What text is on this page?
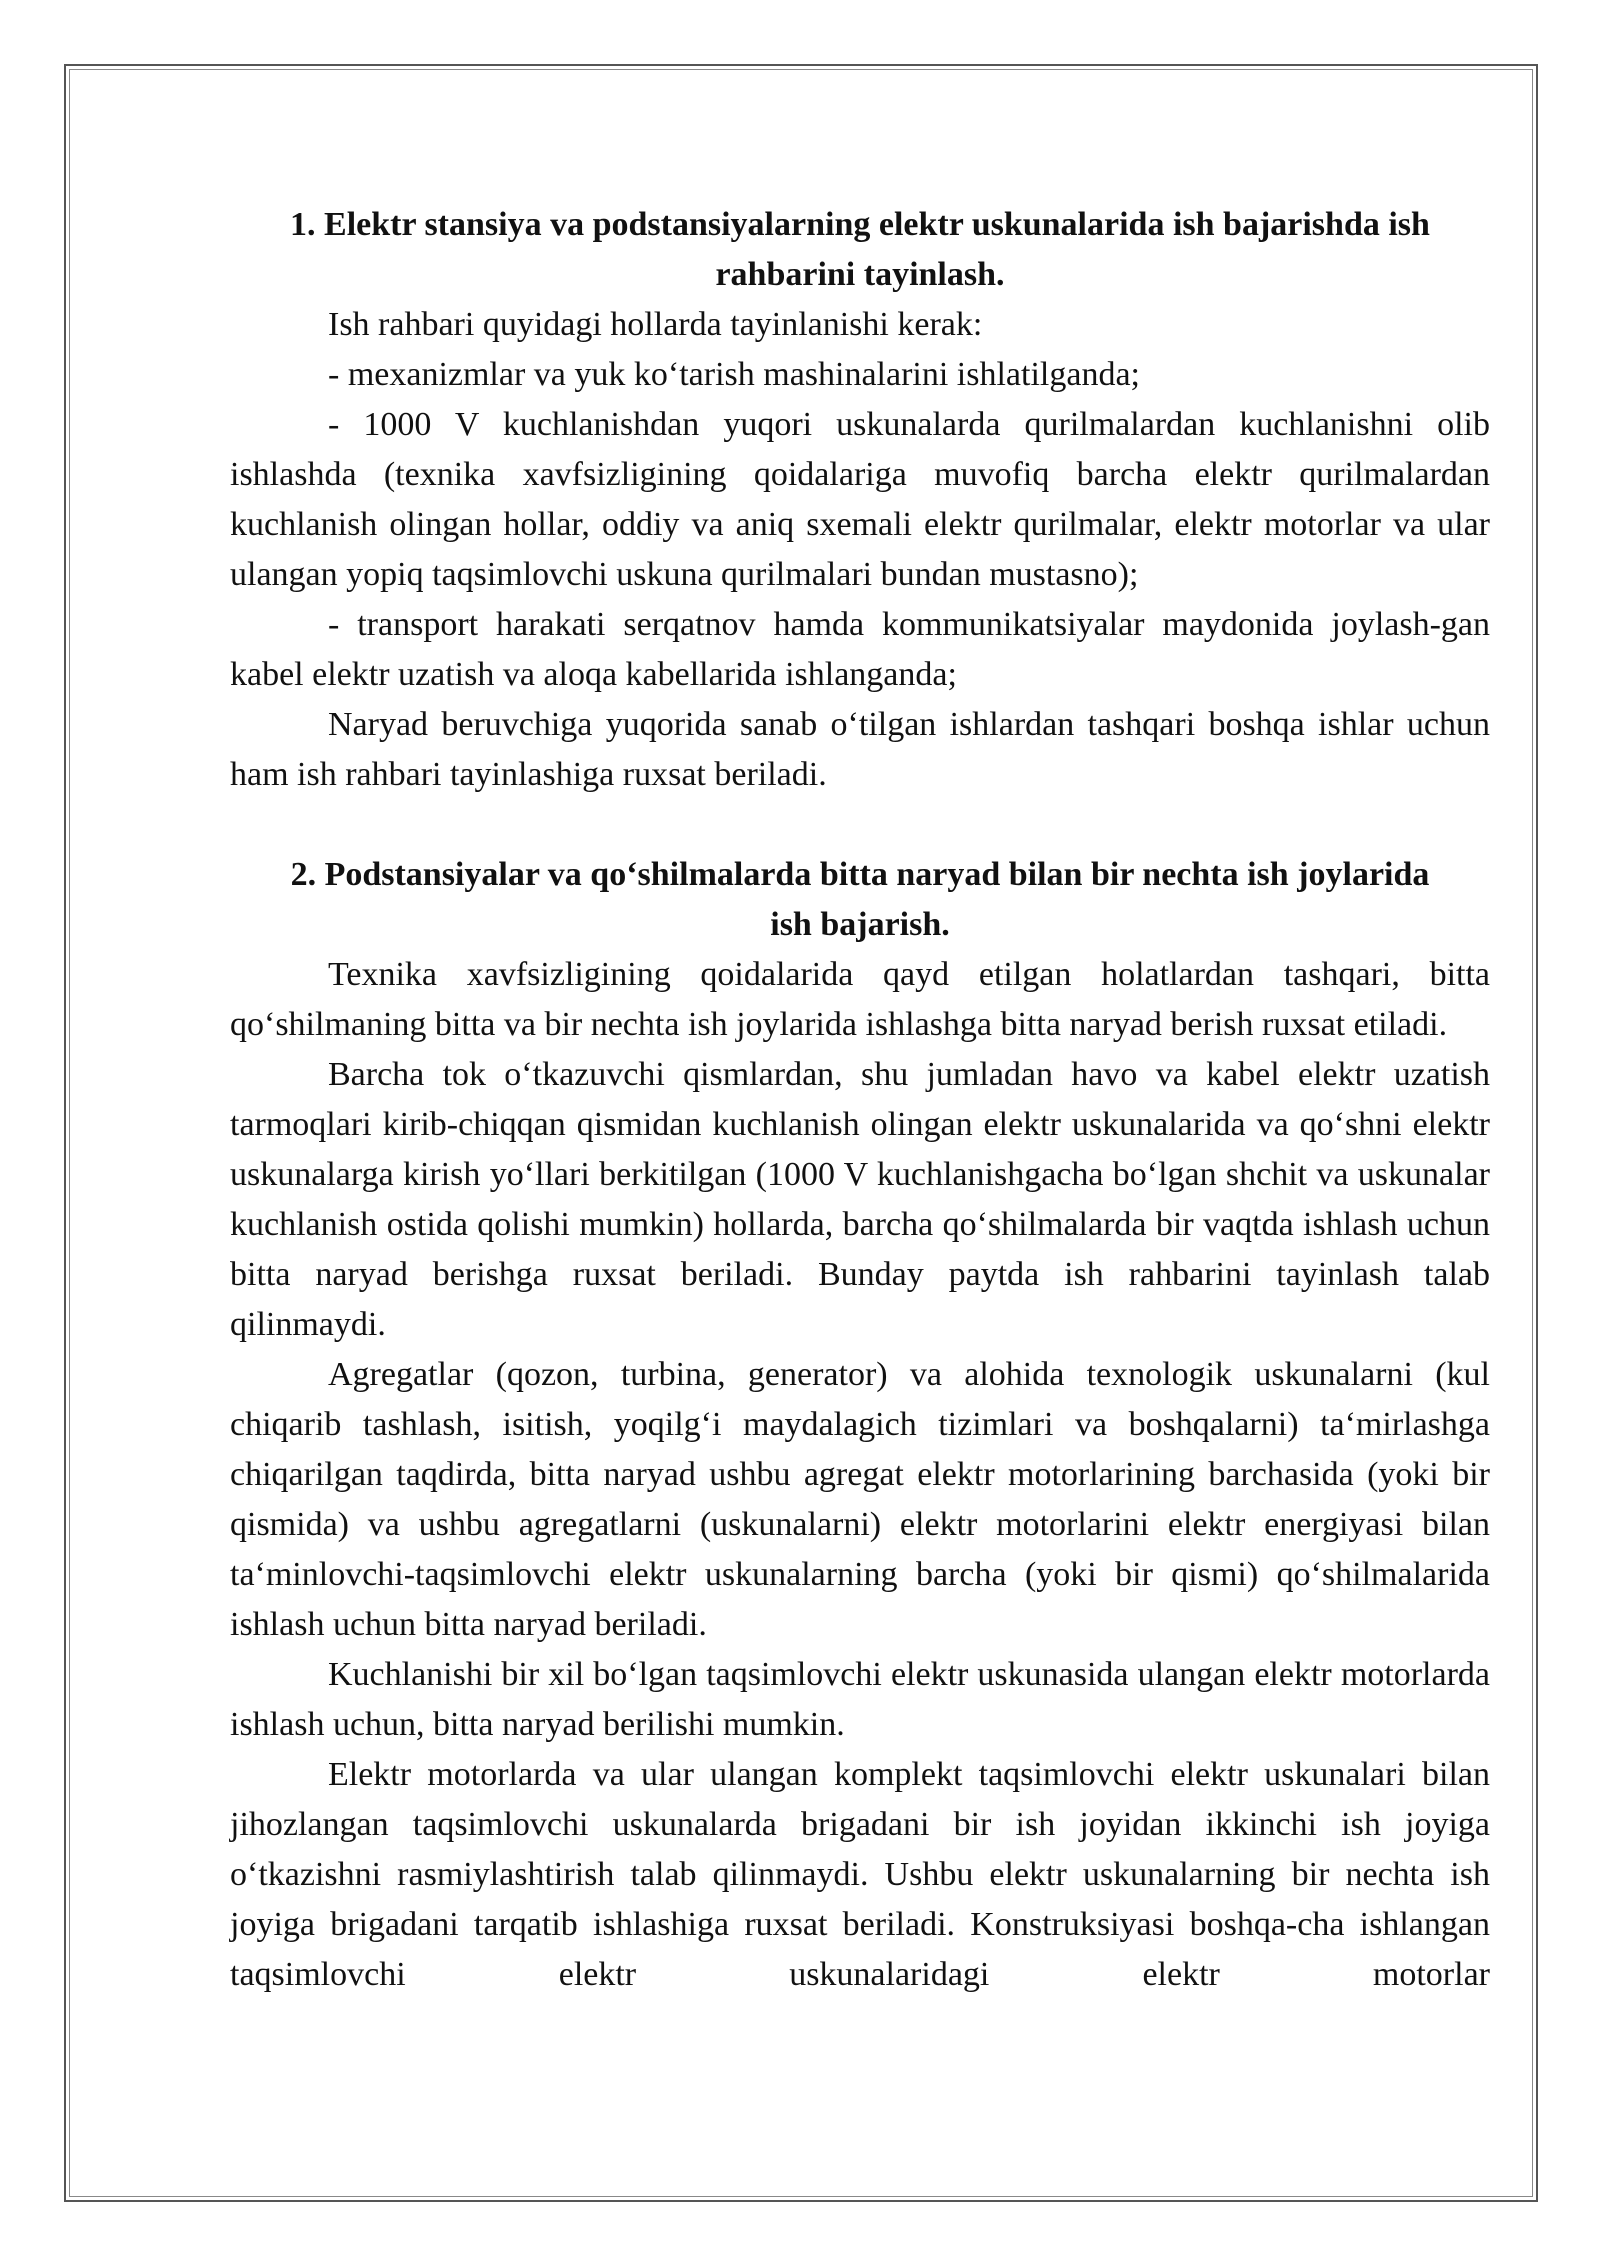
1. Elektr stansiya va podstansiyalarning elektr uskunalarida ish bajarishda ish rahbarini tayinlash.

Ish rahbari quyidagi hollarda tayinlanishi kerak:

- mexanizmlar va yuk ko‘tarish mashinalarini ishlatilganda;

- 1000 V kuchlanishdan yuqori uskunalarda qurilmalardan kuchlanishni olib ishlashda (texnika xavfsizligining qoidalariga muvofiq barcha elektr qurilmalardan kuchlanish olingan hollar, oddiy va aniq sxemali elektr qurilmalar, elektr motorlar va ular ulangan yopiq taqsimlovchi uskuna qurilmalari bundan mustasno);

- transport harakati serqatnov hamda kommunikatsiyalar maydonida joylash-gan kabel elektr uzatish va aloqa kabellarida ishlanganda;

Naryad beruvchiga yuqorida sanab o‘tilgan ishlardan tashqari boshqa ishlar uchun ham ish rahbari tayinlashiga ruxsat beriladi.

2. Podstansiyalar va qo‘shilmalarda bitta naryad bilan bir nechta ish joylarida ish bajarish.

Texnika xavfsizligining qoidalarida qayd etilgan holatlardan tashqari, bitta qo‘shilmaning bitta va bir nechta ish joylarida ishlashga bitta naryad berish ruxsat etiladi.

Barcha tok o‘tkazuvchi qismlardan, shu jumladan havo va kabel elektr uzatish tarmoqlari kirib-chiqqan qismidan kuchlanish olingan elektr uskunalarida va qo‘shni elektr uskunalarga kirish yo‘llari berkitilgan (1000 V kuchlanishgacha bo‘lgan shchit va uskunalar kuchlanish ostida qolishi mumkin) hollarda, barcha qo‘shilmalarda bir vaqtda ishlash uchun bitta naryad berishga ruxsat beriladi. Bunday paytda ish rahbarini tayinlash talab qilinmaydi.

Agregatlar (qozon, turbina, generator) va alohida texnologik uskunalarni (kul chiqarib tashlash, isitish, yoqilg‘i maydalagich tizimlari va boshqalarni) ta‘mirlashga chiqarilgan taqdirda, bitta naryad ushbu agregat elektr motorlarining barchasida (yoki bir qismida) va ushbu agregatlarni (uskunalarni) elektr motorlarini elektr energiyasi bilan ta‘minlovchi-taqsimlovchi elektr uskunalarning barcha (yoki bir qismi) qo‘shilmalarida ishlash uchun bitta naryad beriladi.

Kuchlanishi bir xil bo‘lgan taqsimlovchi elektr uskunasida ulangan elektr motorlarda ishlash uchun, bitta naryad berilishi mumkin.

Elektr motorlarda va ular ulangan komplekt taqsimlovchi elektr uskunalari bilan jihozlangan taqsimlovchi uskunalarda brigadani bir ish joyidan ikkinchi ish joyiga o‘tkazishni rasmiylashtirish talab qilinmaydi. Ushbu elektr uskunalarning bir nechta ish joyiga brigadani tarqatib ishlashiga ruxsat beriladi. Konstruksiyasi boshqa-cha ishlangan taqsimlovchi elektr uskunalaridagi elektr motorlar
